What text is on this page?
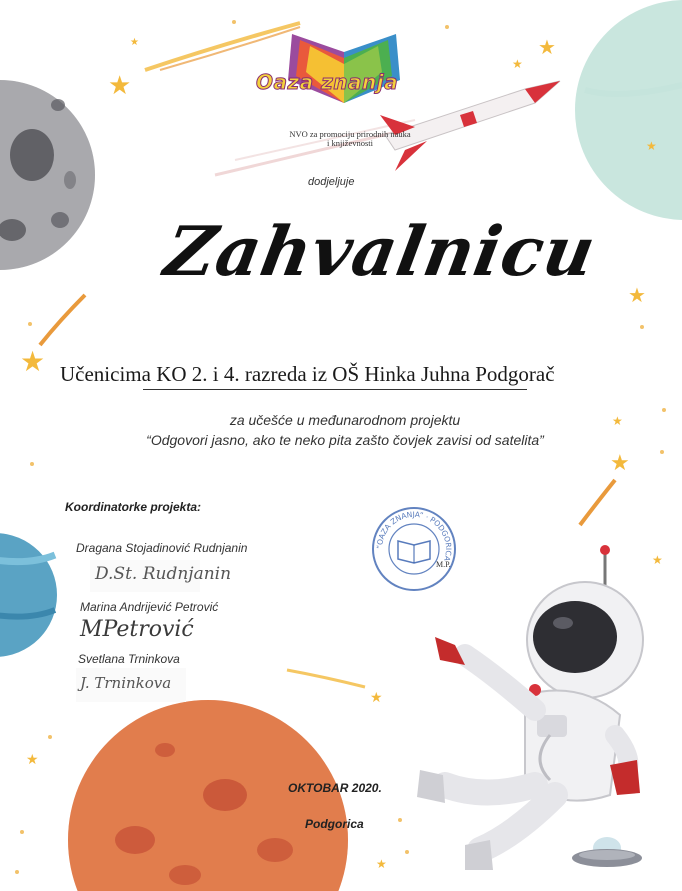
★
★
★
★
★
★
★
★
★
★
★
★
★
Oaza znanja
NVO za promociju prirodnih nauka
i književnosti
dodjeljuje
Zahvalnicu
Učenicima KO 2. i 4. razreda iz OŠ Hinka Juhna Podgorač
za učešće u međunarodnom projektu
“Odgovori jasno, ako te neko pita zašto čovjek zavisi od satelita”
Koordinatorke projekta:
Dragana Stojadinović Rudnjanin
D.St. Rudnjanin
Marina Andrijević Petrović
MPetrović
Svetlana Trninkova
J. Trninkova
“OAZA ZNANJA” · PODGORICA
M.P.
OKTOBAR 2020.
Podgorica
